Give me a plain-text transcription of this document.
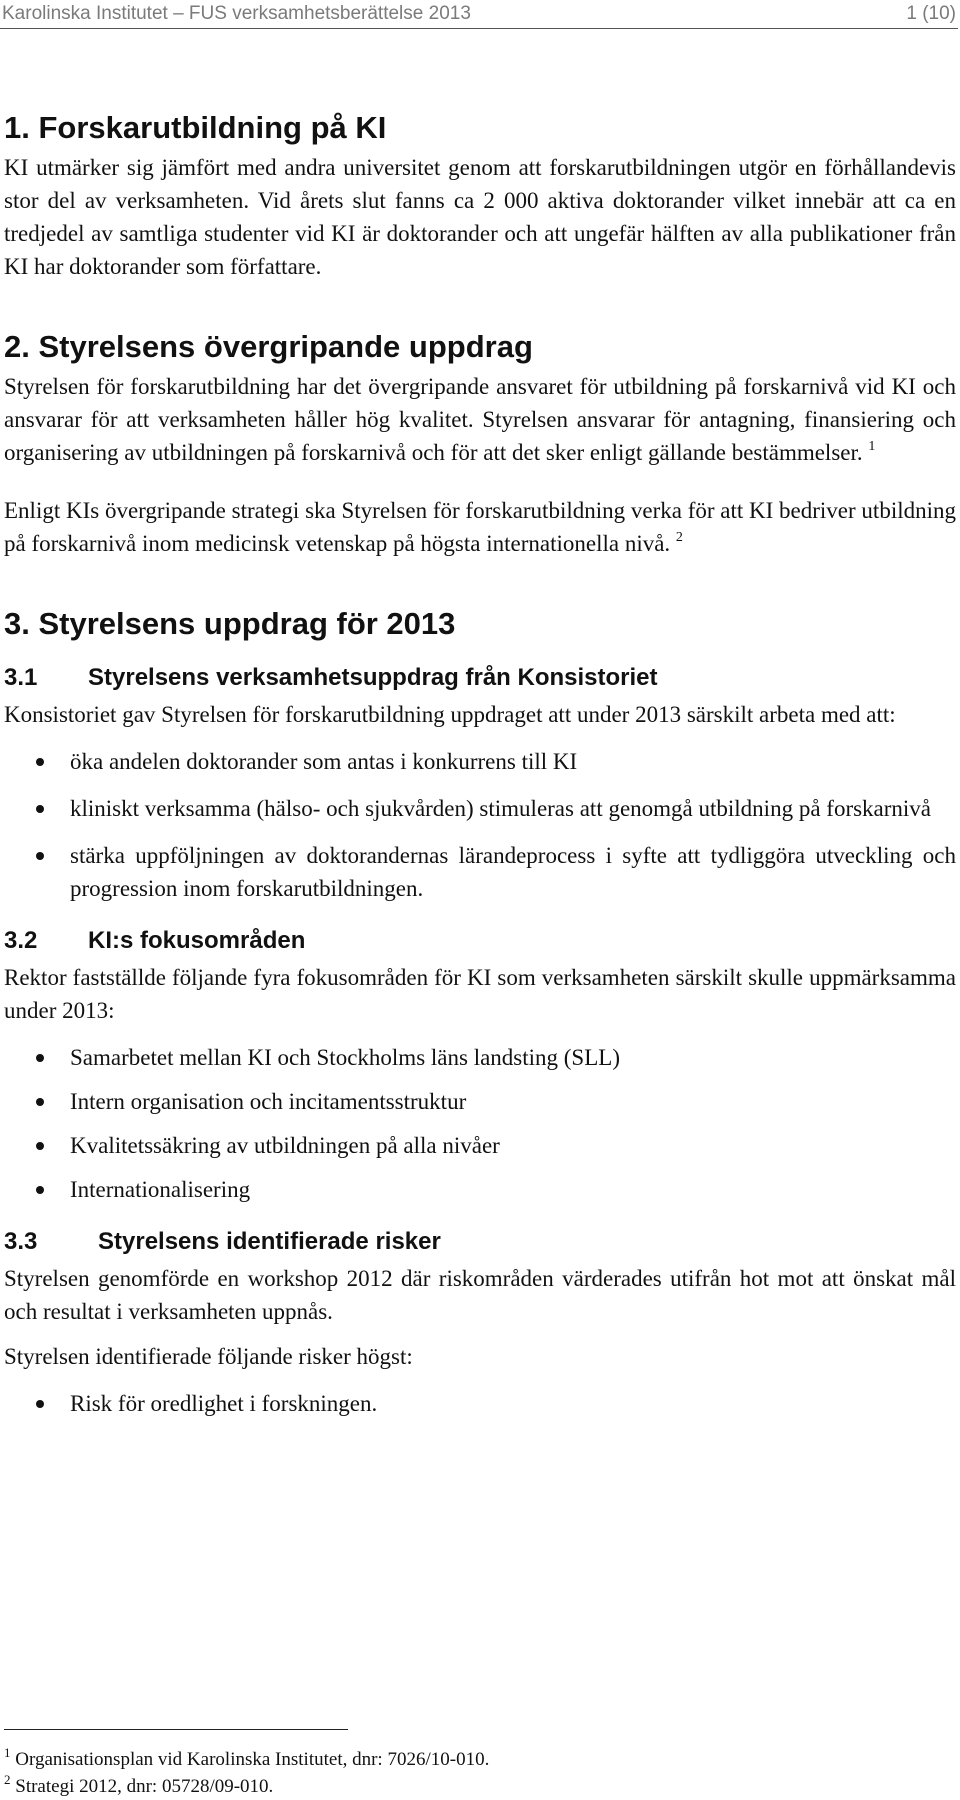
Karolinska Institutet – FUS verksamhetsberättelse 2013	1 (10)
1. Forskarutbildning på KI

KI utmärker sig jämfört med andra universitet genom att forskarutbildningen utgör en förhållandevis stor del av verksamheten. Vid årets slut fanns ca 2 000 aktiva doktorander vilket innebär att ca en tredjedel av samtliga studenter vid KI är doktorander och att ungefär hälften av alla publikationer från KI har doktorander som författare.

2. Styrelsens övergripande uppdrag

Styrelsen för forskarutbildning har det övergripande ansvaret för utbildning på forskarnivå vid KI och ansvarar för att verksamheten håller hög kvalitet. Styrelsen ansvarar för antagning, finansiering och organisering av utbildningen på forskarnivå och för att det sker enligt gällande bestämmelser. $^1$

Enligt KIs övergripande strategi ska Styrelsen för forskarutbildning verka för att KI bedriver utbildning på forskarnivå inom medicinsk vetenskap på högsta internationella nivå. $^2$

3. Styrelsens uppdrag för 2013
3.1 Styrelsens verksamhetsuppdrag från Konsistoriet

Konsistoriet gav Styrelsen för forskarutbildning uppdraget att under 2013 särskilt arbeta med att:

öka andelen doktorander som antas i konkurrens till KI
kliniskt verksamma (hälso- och sjukvården) stimuleras att genomgå utbildning på forskarnivå
stärka uppföljningen av doktorandernas lärandeprocess i syfte att tydliggöra utveckling och progression inom forskarutbildningen.
3.2 KI:s fokusområden

Rektor fastställde följande fyra fokusområden för KI som verksamheten särskilt skulle uppmärksamma under 2013:

Samarbetet mellan KI och Stockholms läns landsting (SLL)
Intern organisation och incitamentsstruktur
Kvalitetssäkring av utbildningen på alla nivåer
Internationalisering
3.3	Styrelsens identifierade risker

Styrelsen genomförde en workshop 2012 där riskområden värderades utifrån hot mot att önskat mål och resultat i verksamheten uppnås.

Styrelsen identifierade följande risker högst:

Risk för oredlighet i forskningen.
$^1$ Organisationsplan vid Karolinska Institutet, dnr: 7026/10-010.
$^2$ Strategi 2012, dnr: 05728/09-010.
